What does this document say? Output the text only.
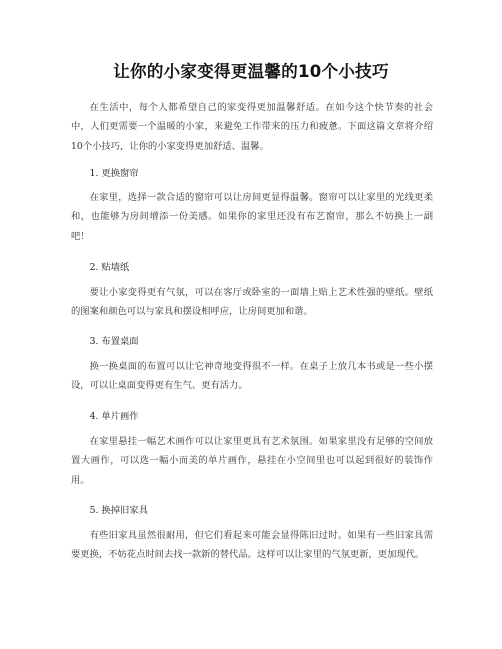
让你的小家变得更温馨的10个小技巧

在生活中，每个人都希望自己的家变得更加温馨舒适。在如今这个快节奏的社会中，人们更需要一个温暖的小家，来避免工作带来的压力和疲惫。下面这篇文章将介绍10个小技巧，让你的小家变得更加舒适、温馨。

1. 更换窗帘

在家里，选择一款合适的窗帘可以让房间更显得温馨。窗帘可以让家里的光线更柔和，也能够为房间增添一份美感。如果你的家里还没有布艺窗帘，那么不妨换上一副吧！

2. 贴墙纸

要让小家变得更有气氛，可以在客厅或卧室的一面墙上贴上艺术性强的壁纸。壁纸的图案和颜色可以与家具和摆设相呼应，让房间更加和谐。

3. 布置桌面

换一换桌面的布置可以让它神奇地变得很不一样。在桌子上放几本书或是一些小摆设，可以让桌面变得更有生气、更有活力。

4. 单片画作

在家里悬挂一幅艺术画作可以让家里更具有艺术氛围。如果家里没有足够的空间放置大画作，可以选一幅小而美的单片画作，悬挂在小空间里也可以起到很好的装饰作用。

5. 换掉旧家具

有些旧家具虽然很耐用，但它们看起来可能会显得陈旧过时。如果有一些旧家具需要更换，不妨花点时间去找一款新的替代品。这样可以让家里的气氛更新，更加现代。
